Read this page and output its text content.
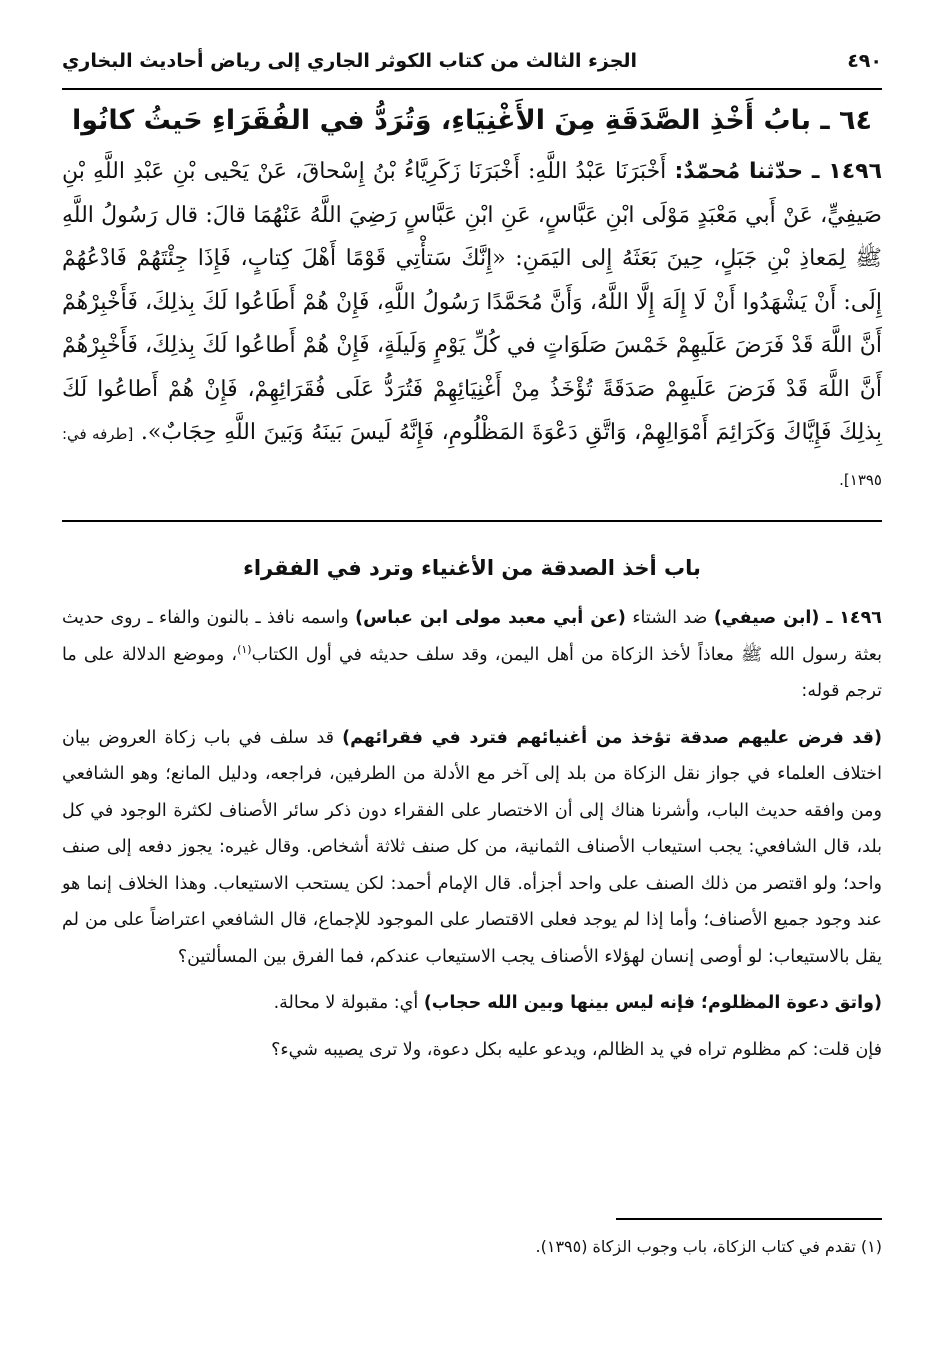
٤٩٠
الجزء الثالث من كتاب الكوثر الجاري إلى رياض أحاديث البخاري
٦٤ ـ بابُ أَخْذِ الصَّدَقَةِ مِنَ الأَغْنِيَاءِ، وَتُرَدُّ في الفُقَرَاءِ حَيثُ كانُوا
١٤٩٦ ـ حدّثنا مُحمّدٌ: أَخْبَرَنَا عَبْدُ اللَّهِ: أَخْبَرَنَا زَكَرِيَّاءُ بْنُ إِسْحاقَ، عَنْ يَحْيى بْنِ عَبْدِ اللَّهِ بْنِ صَيفِيٍّ، عَنْ أَبي مَعْبَدٍ مَوْلَى ابْنِ عَبَّاسٍ، عَنِ ابْنِ عَبَّاسٍ رَضِيَ اللَّهُ عَنْهُمَا قالَ: قال رَسُولُ اللَّهِ ﷺ لِمَعاذِ بْنِ جَبَلٍ، حِينَ بَعَثَهُ إِلى اليَمَنِ: «إِنَّكَ سَتأْتِي قَوْمًا أَهْلَ كِتابٍ، فَإِذَا جِئْتَهُمْ فَادْعُهُمْ إِلَى: أَنْ يَشْهَدُوا أَنْ لَا إِلَهَ إِلَّا اللَّهُ، وَأَنَّ مُحَمَّدًا رَسُولُ اللَّهِ، فَإِنْ هُمْ أَطَاعُوا لَكَ بِذلِكَ، فَأَخْبِرْهُمْ أَنَّ اللَّهَ قَدْ فَرَضَ عَلَيهِمْ خَمْسَ صَلَوَاتٍ في كُلِّ يَوْمٍ وَلَيلَةٍ، فَإِنْ هُمْ أَطاعُوا لَكَ بِذلِكَ، فَأَخْبِرْهُمْ أَنَّ اللَّهَ قَدْ فَرَضَ عَلَيهِمْ صَدَقَةً تُؤْخَذُ مِنْ أَغْنِيَائِهِمْ فَتُرَدُّ عَلَى فُقَرَائِهِمْ، فَإِنْ هُمْ أَطاعُوا لَكَ بِذلِكَ فَإِيَّاكَ وَكَرَائِمَ أَمْوَالِهِمْ، وَاتَّقِ دَعْوَةَ المَظْلُومِ، فَإِنَّهُ لَيسَ بَينَهُ وَبَينَ اللَّهِ حِجَابٌ». [طرفه في: ١٣٩٥].
باب أخذ الصدقة من الأغنياء وترد في الفقراء

١٤٩٦ ـ (ابن صيفي) ضد الشتاء (عن أبي معبد مولى ابن عباس) واسمه نافذ ـ بالنون والفاء ـ روى حديث بعثة رسول الله ﷺ معاذاً لأخذ الزكاة من أهل اليمن، وقد سلف حديثه في أول الكتاب$^{(١)}$، وموضع الدلالة على ما ترجم قوله:

(قد فرض عليهم صدقة تؤخذ من أغنيائهم فترد في فقرائهم) قد سلف في باب زكاة العروض بيان اختلاف العلماء في جواز نقل الزكاة من بلد إلى آخر مع الأدلة من الطرفين، فراجعه، ودليل المانع؛ وهو الشافعي ومن وافقه حديث الباب، وأشرنا هناك إلى أن الاختصار على الفقراء دون ذكر سائر الأصناف لكثرة الوجود في كل بلد، قال الشافعي: يجب استيعاب الأصناف الثمانية، من كل صنف ثلاثة أشخاص. وقال غيره: يجوز دفعه إلى صنف واحد؛ ولو اقتصر من ذلك الصنف على واحد أجزأه. قال الإمام أحمد: لكن يستحب الاستيعاب. وهذا الخلاف إنما هو عند وجود جميع الأصناف؛ وأما إذا لم يوجد فعلى الاقتصار على الموجود للإجماع، قال الشافعي اعتراضاً على من لم يقل بالاستيعاب: لو أوصى إنسان لهؤلاء الأصناف يجب الاستيعاب عندكم، فما الفرق بين المسألتين؟

(واتق دعوة المظلوم؛ فإنه ليس بينها وبين الله حجاب) أي: مقبولة لا محالة.

فإن قلت: كم مظلوم تراه في يد الظالم، ويدعو عليه بكل دعوة، ولا ترى يصيبه شيء؟

(١) تقدم في كتاب الزكاة، باب وجوب الزكاة (١٣٩٥).
